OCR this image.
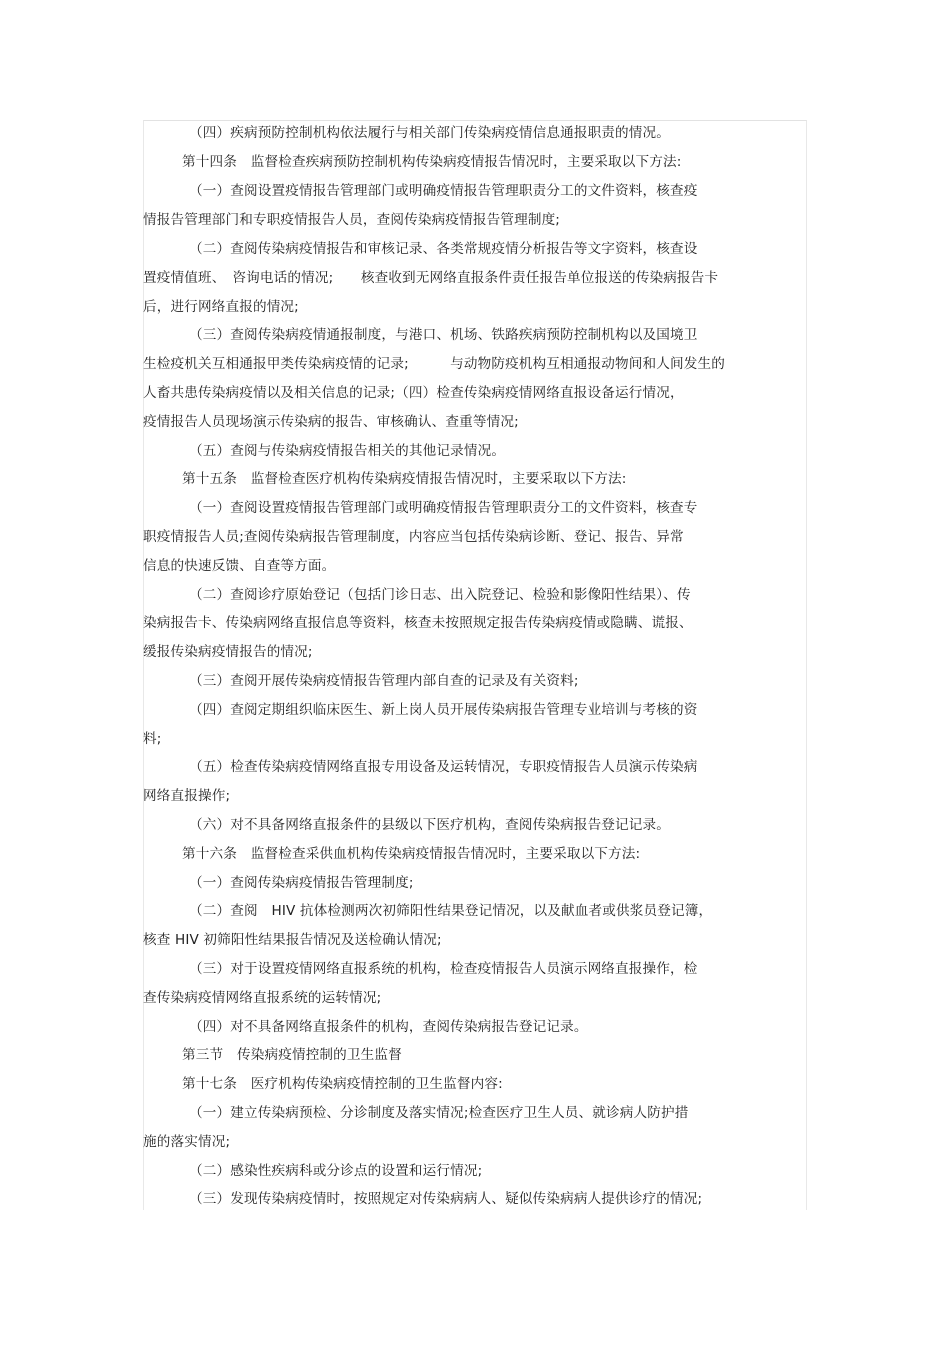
（四）疾病预防控制机构依法履行与相关部门传染病疫情信息通报职责的情况。
第十四条　监督检查疾病预防控制机构传染病疫情报告情况时，主要采取以下方法:
（一）查阅设置疫情报告管理部门或明确疫情报告管理职责分工的文件资料，核查疫
情报告管理部门和专职疫情报告人员，查阅传染病疫情报告管理制度;
（二）查阅传染病疫情报告和审核记录、各类常规疫情分析报告等文字资料，核查设
置疫情值班、　咨询电话的情况;　　核查收到无网络直报条件责任报告单位报送的传染病报告卡
后，进行网络直报的情况;
（三）查阅传染病疫情通报制度，与港口、机场、铁路疾病预防控制机构以及国境卫
生检疫机关互相通报甲类传染病疫情的记录;　　　与动物防疫机构互相通报动物间和人间发生的
人畜共患传染病疫情以及相关信息的记录;（四）检查传染病疫情网络直报设备运行情况，
疫情报告人员现场演示传染病的报告、审核确认、查重等情况;
（五）查阅与传染病疫情报告相关的其他记录情况。
第十五条　监督检查医疗机构传染病疫情报告情况时，主要采取以下方法:
（一）查阅设置疫情报告管理部门或明确疫情报告管理职责分工的文件资料，核查专
职疫情报告人员;查阅传染病报告管理制度，内容应当包括传染病诊断、登记、报告、异常
信息的快速反馈、自查等方面。
（二）查阅诊疗原始登记（包括门诊日志、出入院登记、检验和影像阳性结果）、传
染病报告卡、传染病网络直报信息等资料，核查未按照规定报告传染病疫情或隐瞒、谎报、
缓报传染病疫情报告的情况;
（三）查阅开展传染病疫情报告管理内部自查的记录及有关资料;
（四）查阅定期组织临床医生、新上岗人员开展传染病报告管理专业培训与考核的资
料;
（五）检查传染病疫情网络直报专用设备及运转情况，专职疫情报告人员演示传染病
网络直报操作;
（六）对不具备网络直报条件的县级以下医疗机构，查阅传染病报告登记记录。
第十六条　监督检查采供血机构传染病疫情报告情况时，主要采取以下方法:
（一）查阅传染病疫情报告管理制度;
（二）查阅　HIV 抗体检测两次初筛阳性结果登记情况，以及献血者或供浆员登记簿，
核查 HIV 初筛阳性结果报告情况及送检确认情况;
（三）对于设置疫情网络直报系统的机构，检查疫情报告人员演示网络直报操作，检
查传染病疫情网络直报系统的运转情况;
（四）对不具备网络直报条件的机构，查阅传染病报告登记记录。
第三节　传染病疫情控制的卫生监督
第十七条　医疗机构传染病疫情控制的卫生监督内容:
（一）建立传染病预检、分诊制度及落实情况;检查医疗卫生人员、就诊病人防护措
施的落实情况;
（二）感染性疾病科或分诊点的设置和运行情况;
（三）发现传染病疫情时，按照规定对传染病病人、疑似传染病病人提供诊疗的情况;
